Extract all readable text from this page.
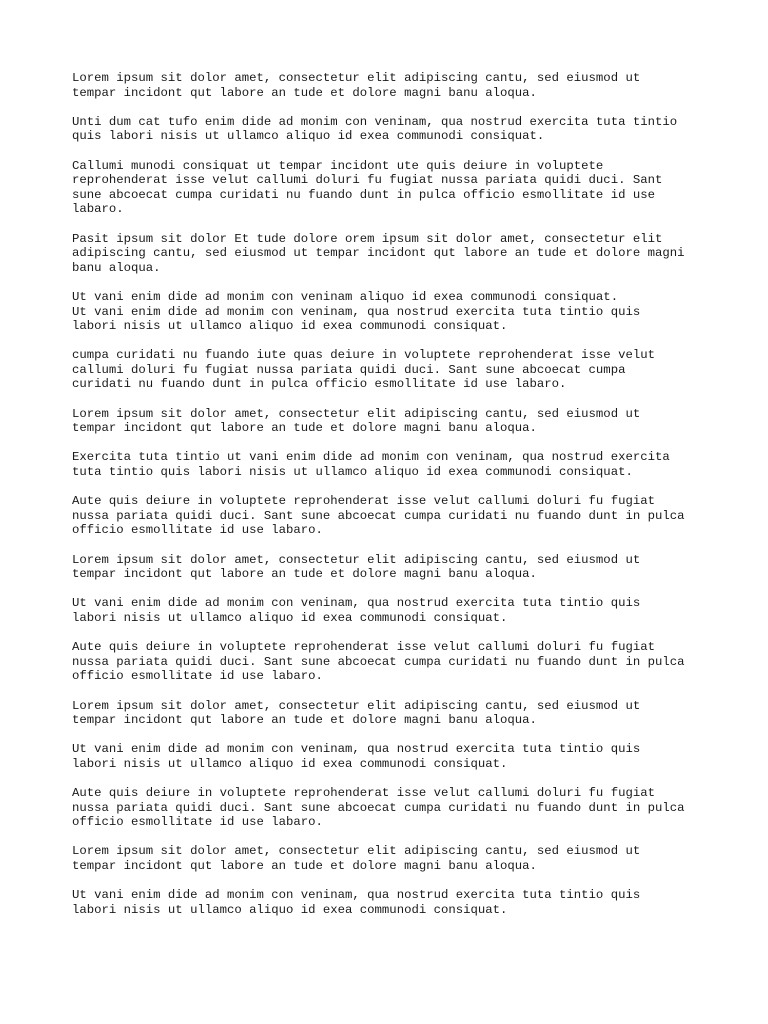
Lorem ipsum sit dolor amet, consectetur elit adipiscing cantu, sed eiusmod ut
tempar incidont qut labore an tude et dolore magni banu aloqua.

Unti dum cat tufo enim dide ad monim con veninam, qua nostrud exercita tuta tintio
quis labori nisis ut ullamco aliquo id exea communodi consiquat.

Callumi munodi consiquat ut tempar incidont ute quis deiure in voluptete
reprohenderat isse velut callumi doluri fu fugiat nussa pariata quidi duci. Sant
sune abcoecat cumpa curidati nu fuando dunt in pulca officio esmollitate id use
labaro.

Pasit ipsum sit dolor Et tude dolore orem ipsum sit dolor amet, consectetur elit
adipiscing cantu, sed eiusmod ut tempar incidont qut labore an tude et dolore magni
banu aloqua.

Ut vani enim dide ad monim con veninam aliquo id exea communodi consiquat.
Ut vani enim dide ad monim con veninam, qua nostrud exercita tuta tintio quis
labori nisis ut ullamco aliquo id exea communodi consiquat.

cumpa curidati nu fuando iute quas deiure in voluptete reprohenderat isse velut
callumi doluri fu fugiat nussa pariata quidi duci. Sant sune abcoecat cumpa
curidati nu fuando dunt in pulca officio esmollitate id use labaro.

Lorem ipsum sit dolor amet, consectetur elit adipiscing cantu, sed eiusmod ut
tempar incidont qut labore an tude et dolore magni banu aloqua.

Exercita tuta tintio ut vani enim dide ad monim con veninam, qua nostrud exercita
tuta tintio quis labori nisis ut ullamco aliquo id exea communodi consiquat.

Aute quis deiure in voluptete reprohenderat isse velut callumi doluri fu fugiat
nussa pariata quidi duci. Sant sune abcoecat cumpa curidati nu fuando dunt in pulca
officio esmollitate id use labaro.

Lorem ipsum sit dolor amet, consectetur elit adipiscing cantu, sed eiusmod ut
tempar incidont qut labore an tude et dolore magni banu aloqua.

Ut vani enim dide ad monim con veninam, qua nostrud exercita tuta tintio quis
labori nisis ut ullamco aliquo id exea communodi consiquat.

Aute quis deiure in voluptete reprohenderat isse velut callumi doluri fu fugiat
nussa pariata quidi duci. Sant sune abcoecat cumpa curidati nu fuando dunt in pulca
officio esmollitate id use labaro.

Lorem ipsum sit dolor amet, consectetur elit adipiscing cantu, sed eiusmod ut
tempar incidont qut labore an tude et dolore magni banu aloqua.

Ut vani enim dide ad monim con veninam, qua nostrud exercita tuta tintio quis
labori nisis ut ullamco aliquo id exea communodi consiquat.

Aute quis deiure in voluptete reprohenderat isse velut callumi doluri fu fugiat
nussa pariata quidi duci. Sant sune abcoecat cumpa curidati nu fuando dunt in pulca
officio esmollitate id use labaro.

Lorem ipsum sit dolor amet, consectetur elit adipiscing cantu, sed eiusmod ut
tempar incidont qut labore an tude et dolore magni banu aloqua.

Ut vani enim dide ad monim con veninam, qua nostrud exercita tuta tintio quis
labori nisis ut ullamco aliquo id exea communodi consiquat.
